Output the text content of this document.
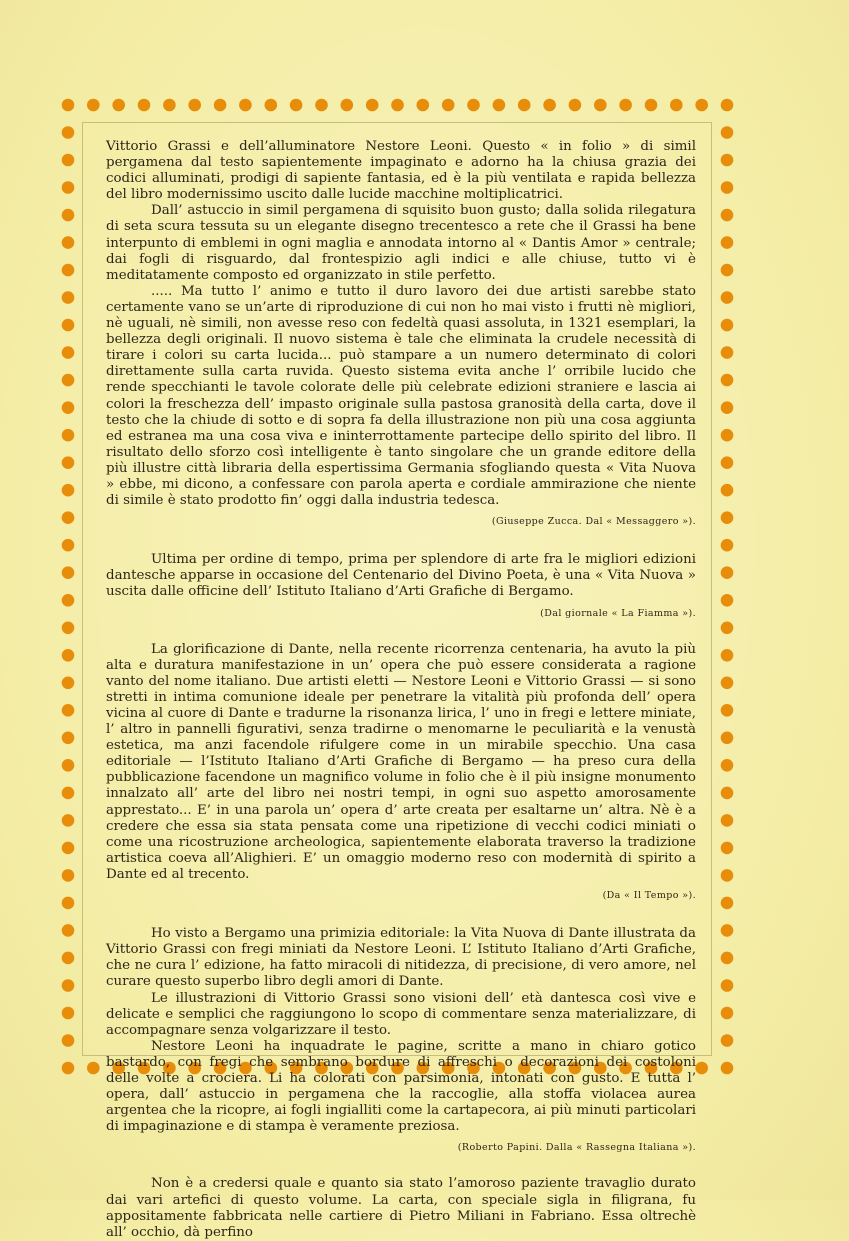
Vittorio Grassi e dell’alluminatore Nestore Leoni. Questo « in folio » di simil pergamena dal testo sapientemente impaginato e adorno ha la chiusa grazia dei codici alluminati, prodigi di sapiente fantasia, ed è la più ventilata e rapida bellezza del libro modernissimo uscito dalle lucide macchine moltiplicatrici.

Dall’ astuccio in simil pergamena di squisito buon gusto; dalla solida rilegatura di seta scura tessuta su un elegante disegno trecentesco a rete che il Grassi ha bene interpunto di emblemi in ogni maglia e annodata intorno al « Dantis Amor » centrale; dai fogli di risguardo, dal frontespizio agli indici e alle chiuse, tutto vi è meditatamente composto ed organizzato in stile perfetto.

..... Ma tutto l’ animo e tutto il duro lavoro dei due artisti sarebbe stato certamente vano se un’arte di riproduzione di cui non ho mai visto i frutti nè migliori, nè uguali, nè simili, non avesse reso con fedeltà quasi assoluta, in 1321 esemplari, la bellezza degli originali. Il nuovo sistema è tale che eliminata la crudele necessità di tirare i colori su carta lucida... può stampare a un numero determinato di colori direttamente sulla carta ruvida. Questo sistema evita anche l’ orribile lucido che rende specchianti le tavole colorate delle più celebrate edizioni straniere e lascia ai colori la freschezza dell’ impasto originale sulla pastosa granosità della carta, dove il testo che la chiude di sotto e di sopra fa della illustrazione non più una cosa aggiunta ed estranea ma una cosa viva e ininterrottamente partecipe dello spirito del libro. Il risultato dello sforzo così intelligente è tanto singolare che un grande editore della più illustre città libraria della espertissima Germania sfogliando questa « Vita Nuova » ebbe, mi dicono, a confessare con parola aperta e cordiale ammirazione che niente di simile è stato prodotto fin’ oggi dalla industria tedesca.

(Giuseppe Zucca. Dal « Messaggero »).

Ultima per ordine di tempo, prima per splendore di arte fra le migliori edizioni dantesche apparse in occasione del Centenario del Divino Poeta, è una « Vita Nuova » uscita dalle officine dell’ Istituto Italiano d’Arti Grafiche di Bergamo.

(Dal giornale « La Fiamma »).

La glorificazione di Dante, nella recente ricorrenza centenaria, ha avuto la più alta e duratura manifestazione in un’ opera che può essere considerata a ragione vanto del nome italiano. Due artisti eletti — Nestore Leoni e Vittorio Grassi — si sono stretti in intima comunione ideale per penetrare la vitalità più profonda dell’ opera vicina al cuore di Dante e tradurne la risonanza lirica, l’ uno in fregi e lettere miniate, l’ altro in pannelli figurativi, senza tradirne o menomarne le peculiarità e la venustà estetica, ma anzi facendole rifulgere come in un mirabile specchio. Una casa editoriale — l’Istituto Italiano d’Arti Grafiche di Bergamo — ha preso cura della pubblicazione facendone un magnifico volume in folio che è il più insigne monumento innalzato all’ arte del libro nei nostri tempi, in ogni suo aspetto amorosamente apprestato... E’ in una parola un’ opera d’ arte creata per esaltarne un’ altra. Nè è a credere che essa sia stata pensata come una ripetizione di vecchi codici miniati o come una ricostruzione archeologica, sapientemente elaborata traverso la tradizione artistica coeva all’Alighieri. E’ un omaggio moderno reso con modernità di spirito a Dante ed al trecento.

(Da « Il Tempo »).

Ho visto a Bergamo una primizia editoriale: la Vita Nuova di Dante illustrata da Vittorio Grassi con fregi miniati da Nestore Leoni. L’ Istituto Italiano d’Arti Grafiche, che ne cura l’ edizione, ha fatto miracoli di nitidezza, di precisione, di vero amore, nel curare questo superbo libro degli amori di Dante.

Le illustrazioni di Vittorio Grassi sono visioni dell’ età dantesca così vive e delicate e semplici che raggiungono lo scopo di commentare senza materializzare, di accompagnare senza volgarizzare il testo.

Nestore Leoni ha inquadrate le pagine, scritte a mano in chiaro gotico bastardo, con fregi che sembrano bordure di affreschi o decorazioni dei costoloni delle volte a crociera. Li ha colorati con parsimonia, intonati con gusto. E tutta l’ opera, dall’ astuccio in pergamena che la raccoglie, alla stoffa violacea aurea argentea che la ricopre, ai fogli ingialliti come la cartapecora, ai più minuti particolari di impaginazione e di stampa è veramente preziosa.

(Roberto Papini. Dalla « Rassegna Italiana »).

Non è a credersi quale e quanto sia stato l’amoroso paziente travaglio durato dai vari artefici di questo volume. La carta, con speciale sigla in filigrana, fu appositamente fabbricata nelle cartiere di Pietro Miliani in Fabriano. Essa oltrechè all’ occhio, dà perfino
